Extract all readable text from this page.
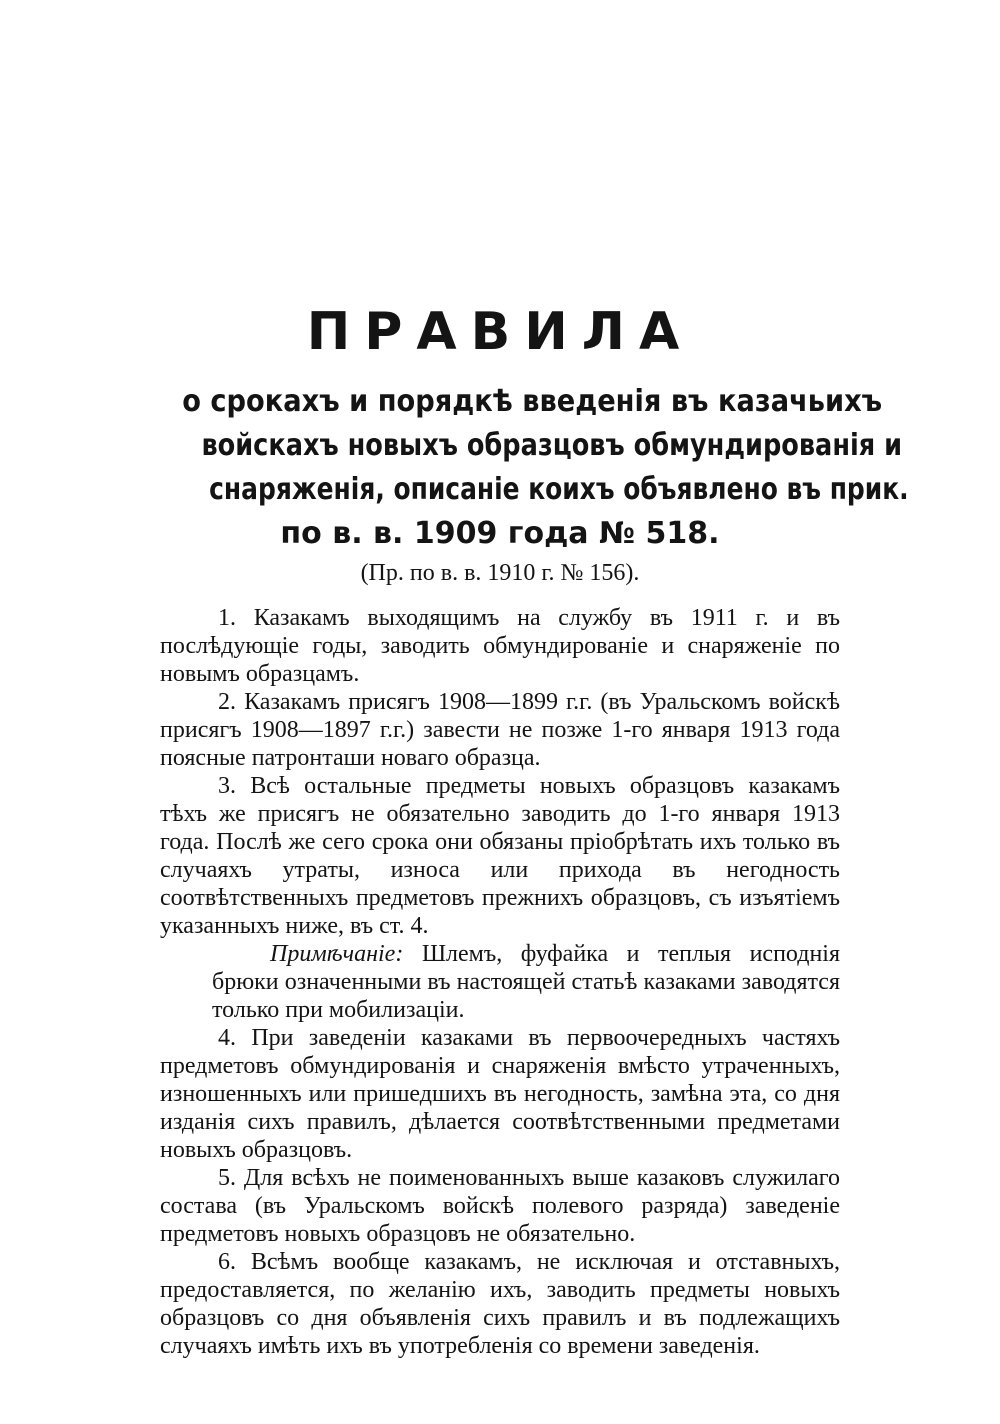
ПРАВИЛА
о срокахъ и порядкѣ введенія въ казачьихъ
войскахъ новыхъ образцовъ обмундированія и
снаряженія, описаніе коихъ объявлено въ прик.
по в. в. 1909 года № 518.

(Пр. по в. в. 1910 г. № 156).

1. Казакамъ выходящимъ на службу въ 1911 г. и въ послѣдующіе годы, заводить обмундированіе и снаряженіе по новымъ образцамъ.

2. Казакамъ присягъ 1908—1899 г.г. (въ Уральскомъ войскѣ присягъ 1908—1897 г.г.) завести не позже 1-го января 1913 года поясные патронташи новаго образца.

3. Всѣ остальные предметы новыхъ образцовъ казакамъ тѣхъ же присягъ не обязательно заводить до 1-го января 1913 года. Послѣ же сего срока они обязаны пріобрѣтать ихъ только въ случаяхъ утраты, износа или прихода въ негодность соотвѣтственныхъ предметовъ прежнихъ образцовъ, съ изъятіемъ указанныхъ ниже, въ ст. 4.

Примѣчаніе: Шлемъ, фуфайка и теплыя исподнія брюки означенными въ настоящей статьѣ казаками заводятся только при мобилизаціи.

4. При заведеніи казаками въ первоочередныхъ частяхъ предметовъ обмундированія и снаряженія вмѣсто утраченныхъ, изношенныхъ или пришедшихъ въ негодность, замѣна эта, со дня изданія сихъ правилъ, дѣлается соотвѣтственными предметами новыхъ образцовъ.

5. Для всѣхъ не поименованныхъ выше казаковъ служилаго состава (въ Уральскомъ войскѣ полевого разряда) заведеніе предметовъ новыхъ образцовъ не обязательно.

6. Всѣмъ вообще казакамъ, не исключая и отставныхъ, предоставляется, по желанію ихъ, заводить предметы новыхъ образцовъ со дня объявленія сихъ правилъ и въ подлежащихъ случаяхъ имѣть ихъ въ употребленія со времени заведенія.
